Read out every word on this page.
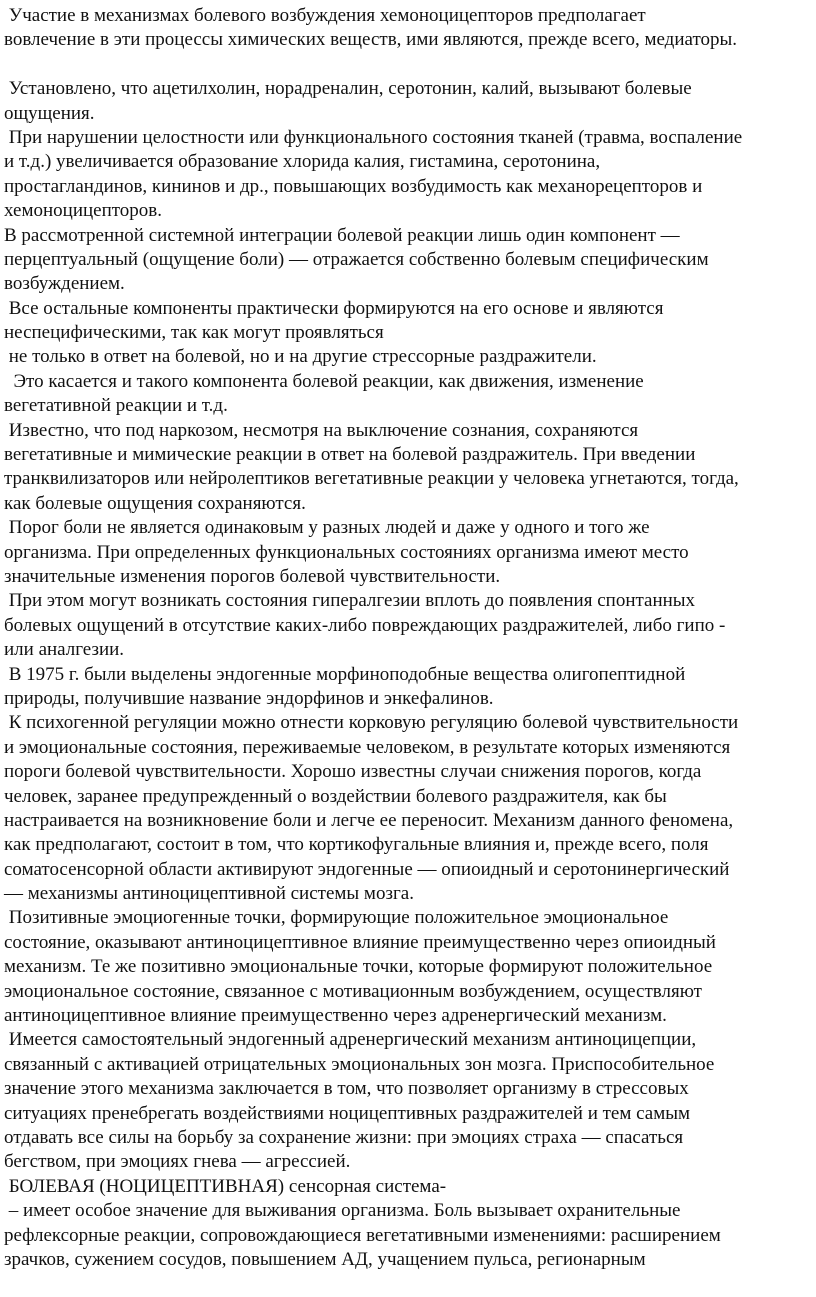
Участие в механизмах болевого возбуждения хемоноцицепторов предполагает
вовлечение в эти процессы химических веществ, ими являются, прежде всего, медиаторы.
Установлено, что ацетилхолин, норадреналин, серотонин, калий, вызывают болевые
ощущения.
При нарушении целостности или функционального состояния тканей (травма, воспаление
и т.д.) увеличивается образование хлорида калия, гистамина, серотонина,
простагландинов, кининов и др., повышающих возбудимость как механорецепторов и
хемоноцицепторов.
В рассмотренной системной интеграции болевой реакции лишь один компонент —
перцептуальный (ощущение боли) — отражается собственно болевым специфическим
возбуждением.
Все остальные компоненты практически формируются на его основе и являются
неспецифическими, так как могут проявляться
не только в ответ на болевой, но и на другие стрессорные раздражители.
Это касается и такого компонента болевой реакции, как движения, изменение
вегетативной реакции и т.д.
Известно, что под наркозом, несмотря на выключение сознания, сохраняются
вегетативные и мимические реакции в ответ на болевой раздражитель. При введении
транквилизаторов или нейролептиков вегетативные реакции у человека угнетаются, тогда,
как болевые ощущения сохраняются.
Порог боли не является одинаковым у разных людей и даже у одного и того же
организма. При определенных функциональных состояниях организма имеют место
значительные изменения порогов болевой чувствительности.
При этом могут возникать состояния гипералгезии вплоть до появления спонтанных
болевых ощущений в отсутствие каких-либо повреждающих раздражителей, либо гипо -
или аналгезии.
В 1975 г. были выделены эндогенные морфиноподобные вещества олигопептидной
природы, получившие название эндорфинов и энкефалинов.
К психогенной регуляции можно отнести корковую регуляцию болевой чувствительности
и эмоциональные состояния, переживаемые человеком, в результате которых изменяются
пороги болевой чувствительности. Хорошо известны случаи снижения порогов, когда
человек, заранее предупрежденный о воздействии болевого раздражителя, как бы
настраивается на возникновение боли и легче ее переносит. Механизм данного феномена,
как предполагают, состоит в том, что кортикофугальные влияния и, прежде всего, поля
соматосенсорной области активируют эндогенные — опиоидный и серотонинергический
— механизмы антиноцицептивной системы мозга.
Позитивные эмоциогенные точки, формирующие положительное эмоциональное
состояние, оказывают антиноцицептивное влияние преимущественно через опиоидный
механизм. Те же позитивно эмоциональные точки, которые формируют положительное
эмоциональное состояние, связанное с мотивационным возбуждением, осуществляют
антиноцицептивное влияние преимущественно через адренергический механизм.
Имеется самостоятельный эндогенный адренергический механизм антиноцицепции,
связанный с активацией отрицательных эмоциональных зон мозга. Приспособительное
значение этого механизма заключается в том, что позволяет организму в стрессовых
ситуациях пренебрегать воздействиями ноцицептивных раздражителей и тем самым
отдавать все силы на борьбу за сохранение жизни: при эмоциях страха — спасаться
бегством, при эмоциях гнева — агрессией.
БОЛЕВАЯ (НОЦИЦЕПТИВНАЯ) сенсорная система-
– имеет особое значение для выживания организма. Боль вызывает охранительные
рефлексорные реакции, сопровождающиеся вегетативными изменениями: расширением
зрачков, сужением сосудов, повышением АД, учащением пульса, регионарным
